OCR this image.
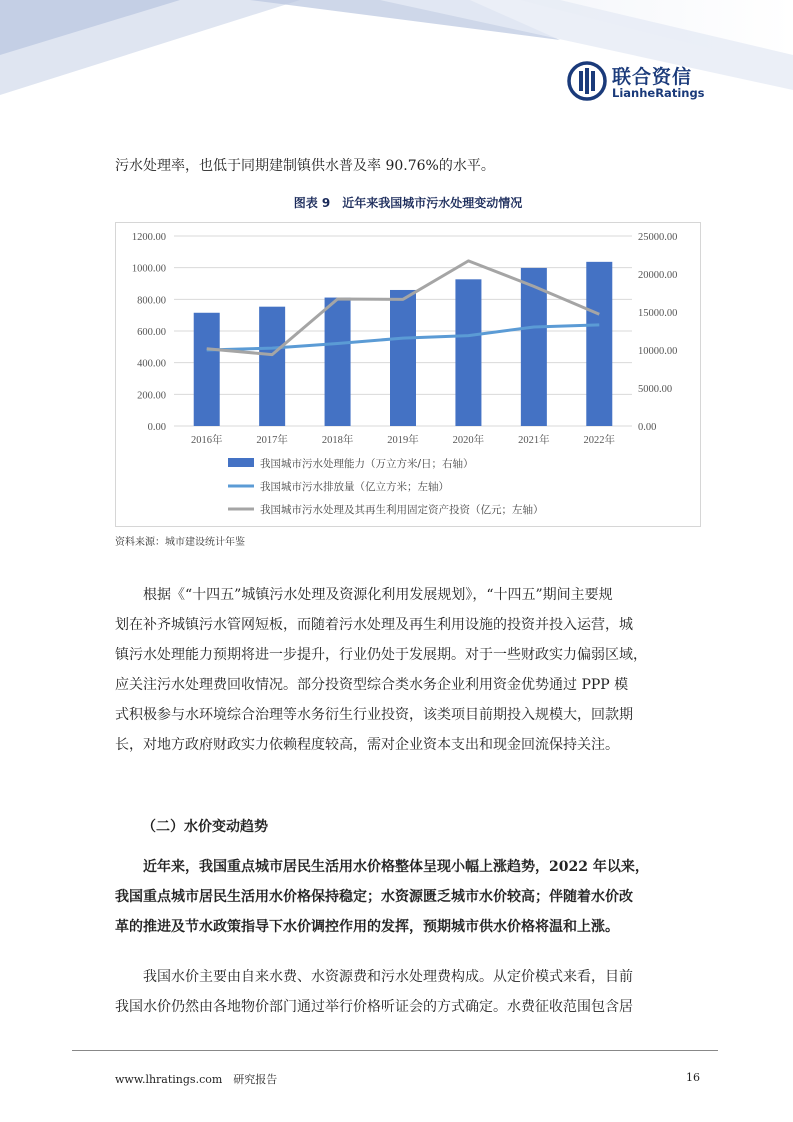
联合资信
LianheRatings
污水处理率，也低于同期建制镇供水普及率 90.76%的水平。
图表 9　近年来我国城市污水处理变动情况
0.00
200.00
400.00
600.00
800.00
1000.00
1200.00
0.00
5000.00
10000.00
15000.00
20000.00
25000.00
2016年	2017年	2018年	2019年	2020年	2021年	2022年
我国城市污水处理能力（万立方米/日；右轴）
我国城市污水排放量（亿立方米；左轴）
我国城市污水处理及其再生利用固定资产投资（亿元；左轴）
资料来源：城市建设统计年鉴
根据《“十四五”城镇污水处理及资源化利用发展规划》，“十四五”期间主要规
划在补齐城镇污水管网短板，而随着污水处理及再生利用设施的投资并投入运营，城
镇污水处理能力预期将进一步提升，行业仍处于发展期。对于一些财政实力偏弱区域，
应关注污水处理费回收情况。部分投资型综合类水务企业利用资金优势通过 PPP 模
式积极参与水环境综合治理等水务衍生行业投资，该类项目前期投入规模大，回款期
长，对地方政府财政实力依赖程度较高，需对企业资本支出和现金回流保持关注。
（二）水价变动趋势
近年来，我国重点城市居民生活用水价格整体呈现小幅上涨趋势，2022 年以来，
我国重点城市居民生活用水价格保持稳定；水资源匮乏城市水价较高；伴随着水价改
革的推进及节水政策指导下水价调控作用的发挥，预期城市供水价格将温和上涨。
我国水价主要由自来水费、水资源费和污水处理费构成。从定价模式来看，目前
我国水价仍然由各地物价部门通过举行价格听证会的方式确定。水费征收范围包含居
www.lhratings.com　研究报告	16
